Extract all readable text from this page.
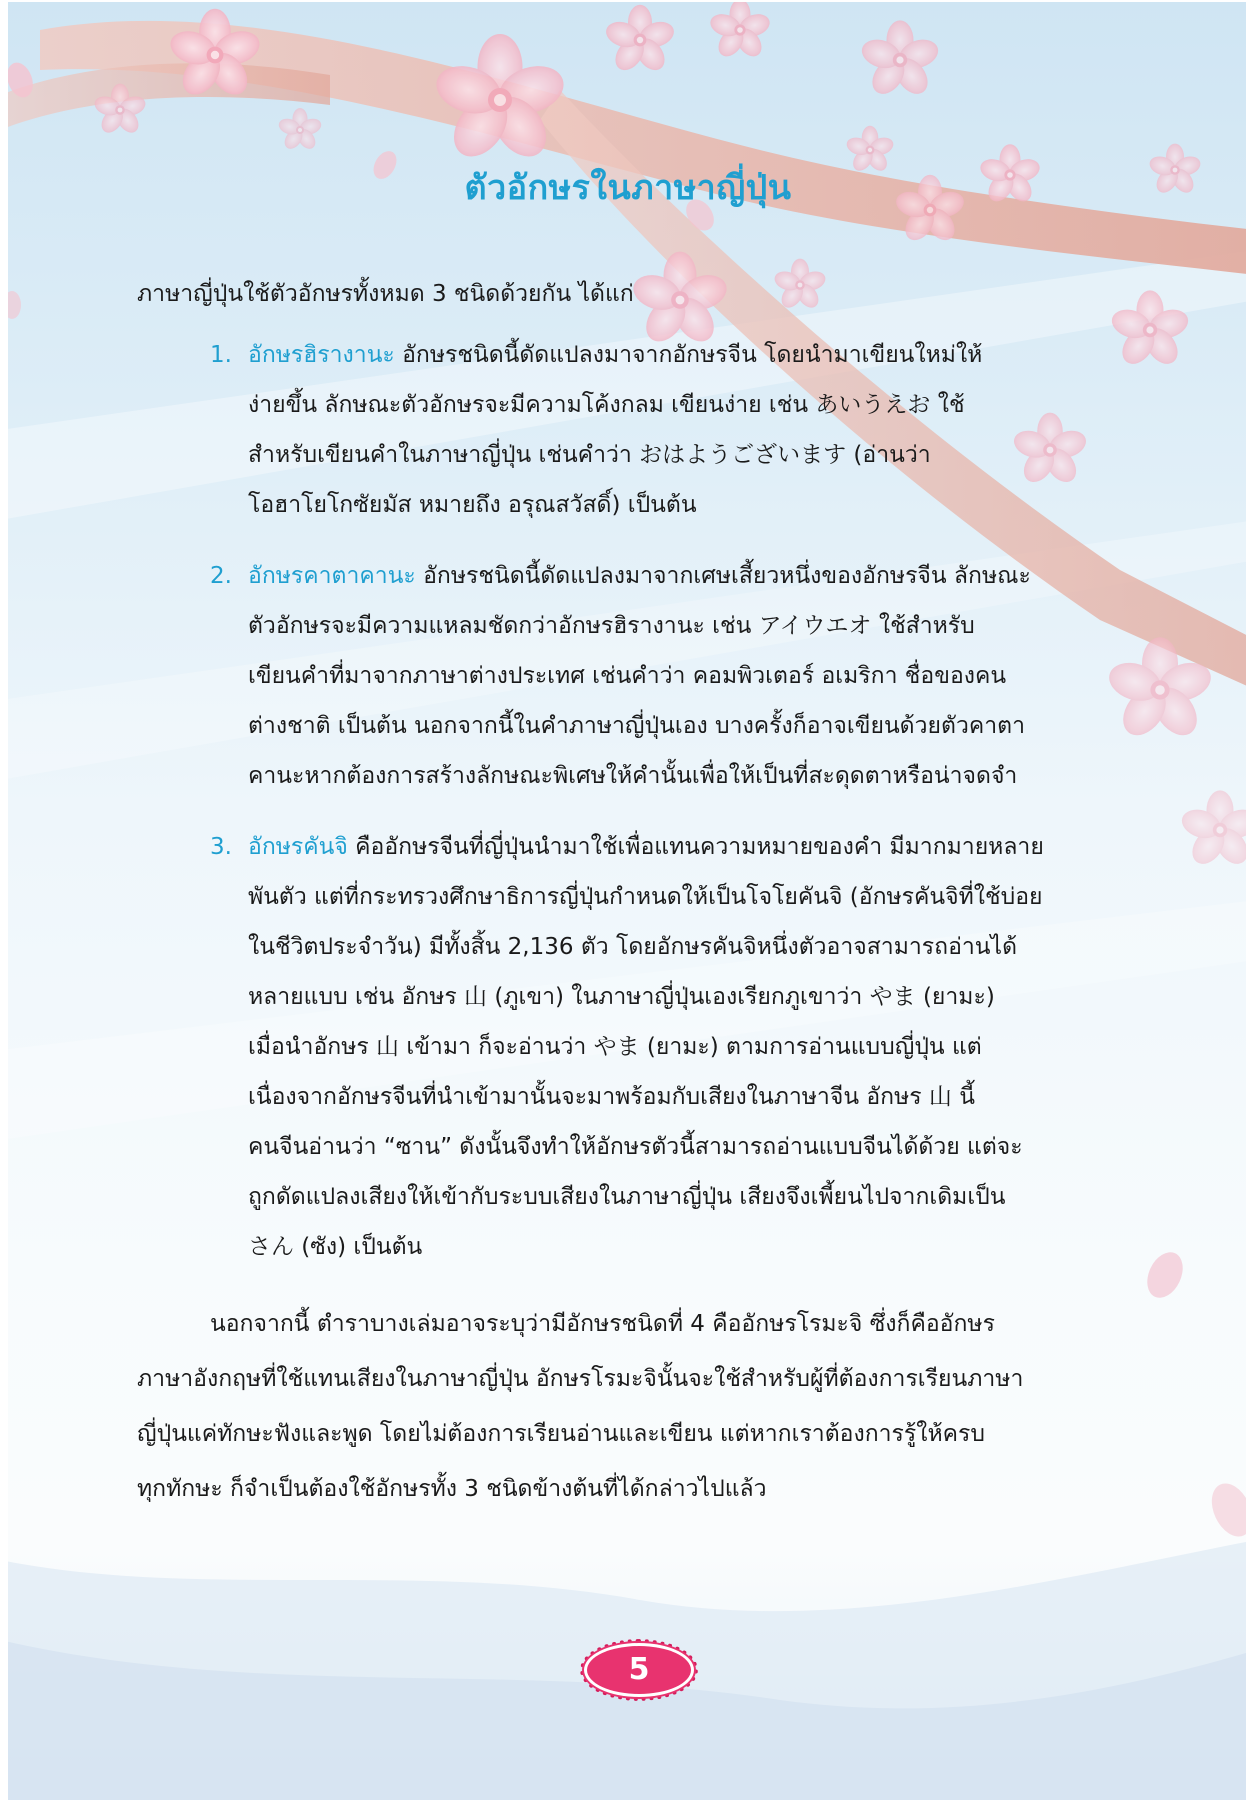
ตัวอักษรในภาษาญี่ปุ่น
ภาษาญี่ปุ่นใช้ตัวอักษรทั้งหมด 3 ชนิดด้วยกัน ได้แก่
1. อักษรฮิรางานะ อักษรชนิดนี้ดัดแปลงมาจากอักษรจีน โดยนำมาเขียนใหม่ให้
ง่ายขึ้น ลักษณะตัวอักษรจะมีความโค้งกลม เขียนง่าย เช่น あいうえお ใช้
สำหรับเขียนคำในภาษาญี่ปุ่น เช่นคำว่า おはようございます (อ่านว่า
โอฮาโยโกซัยมัส หมายถึง อรุณสวัสดิ์) เป็นต้น
2. อักษรคาตาคานะ อักษรชนิดนี้ดัดแปลงมาจากเศษเสี้ยวหนึ่งของอักษรจีน ลักษณะ
ตัวอักษรจะมีความแหลมชัดกว่าอักษรฮิรางานะ เช่น アイウエオ ใช้สำหรับ
เขียนคำที่มาจากภาษาต่างประเทศ เช่นคำว่า คอมพิวเตอร์ อเมริกา ชื่อของคน
ต่างชาติ เป็นต้น นอกจากนี้ในคำภาษาญี่ปุ่นเอง บางครั้งก็อาจเขียนด้วยตัวคาตา
คานะหากต้องการสร้างลักษณะพิเศษให้คำนั้นเพื่อให้เป็นที่สะดุดตาหรือน่าจดจำ
3. อักษรคันจิ คืออักษรจีนที่ญี่ปุ่นนำมาใช้เพื่อแทนความหมายของคำ มีมากมายหลาย
พันตัว แต่ที่กระทรวงศึกษาธิการญี่ปุ่นกำหนดให้เป็นโจโยคันจิ (อักษรคันจิที่ใช้บ่อย
ในชีวิตประจำวัน) มีทั้งสิ้น 2,136 ตัว โดยอักษรคันจิหนึ่งตัวอาจสามารถอ่านได้
หลายแบบ เช่น อักษร 山 (ภูเขา) ในภาษาญี่ปุ่นเองเรียกภูเขาว่า やま (ยามะ)
เมื่อนำอักษร 山 เข้ามา ก็จะอ่านว่า やま (ยามะ) ตามการอ่านแบบญี่ปุ่น แต่
เนื่องจากอักษรจีนที่นำเข้ามานั้นจะมาพร้อมกับเสียงในภาษาจีน อักษร 山 นี้
คนจีนอ่านว่า “ซาน” ดังนั้นจึงทำให้อักษรตัวนี้สามารถอ่านแบบจีนได้ด้วย แต่จะ
ถูกดัดแปลงเสียงให้เข้ากับระบบเสียงในภาษาญี่ปุ่น เสียงจึงเพี้ยนไปจากเดิมเป็น
さん (ซัง) เป็นต้น
นอกจากนี้ ตำราบางเล่มอาจระบุว่ามีอักษรชนิดที่ 4 คืออักษรโรมะจิ ซึ่งก็คืออักษร
ภาษาอังกฤษที่ใช้แทนเสียงในภาษาญี่ปุ่น อักษรโรมะจินั้นจะใช้สำหรับผู้ที่ต้องการเรียนภาษา
ญี่ปุ่นแค่ทักษะฟังและพูด โดยไม่ต้องการเรียนอ่านและเขียน แต่หากเราต้องการรู้ให้ครบ
ทุกทักษะ ก็จำเป็นต้องใช้อักษรทั้ง 3 ชนิดข้างต้นที่ได้กล่าวไปแล้ว
5
